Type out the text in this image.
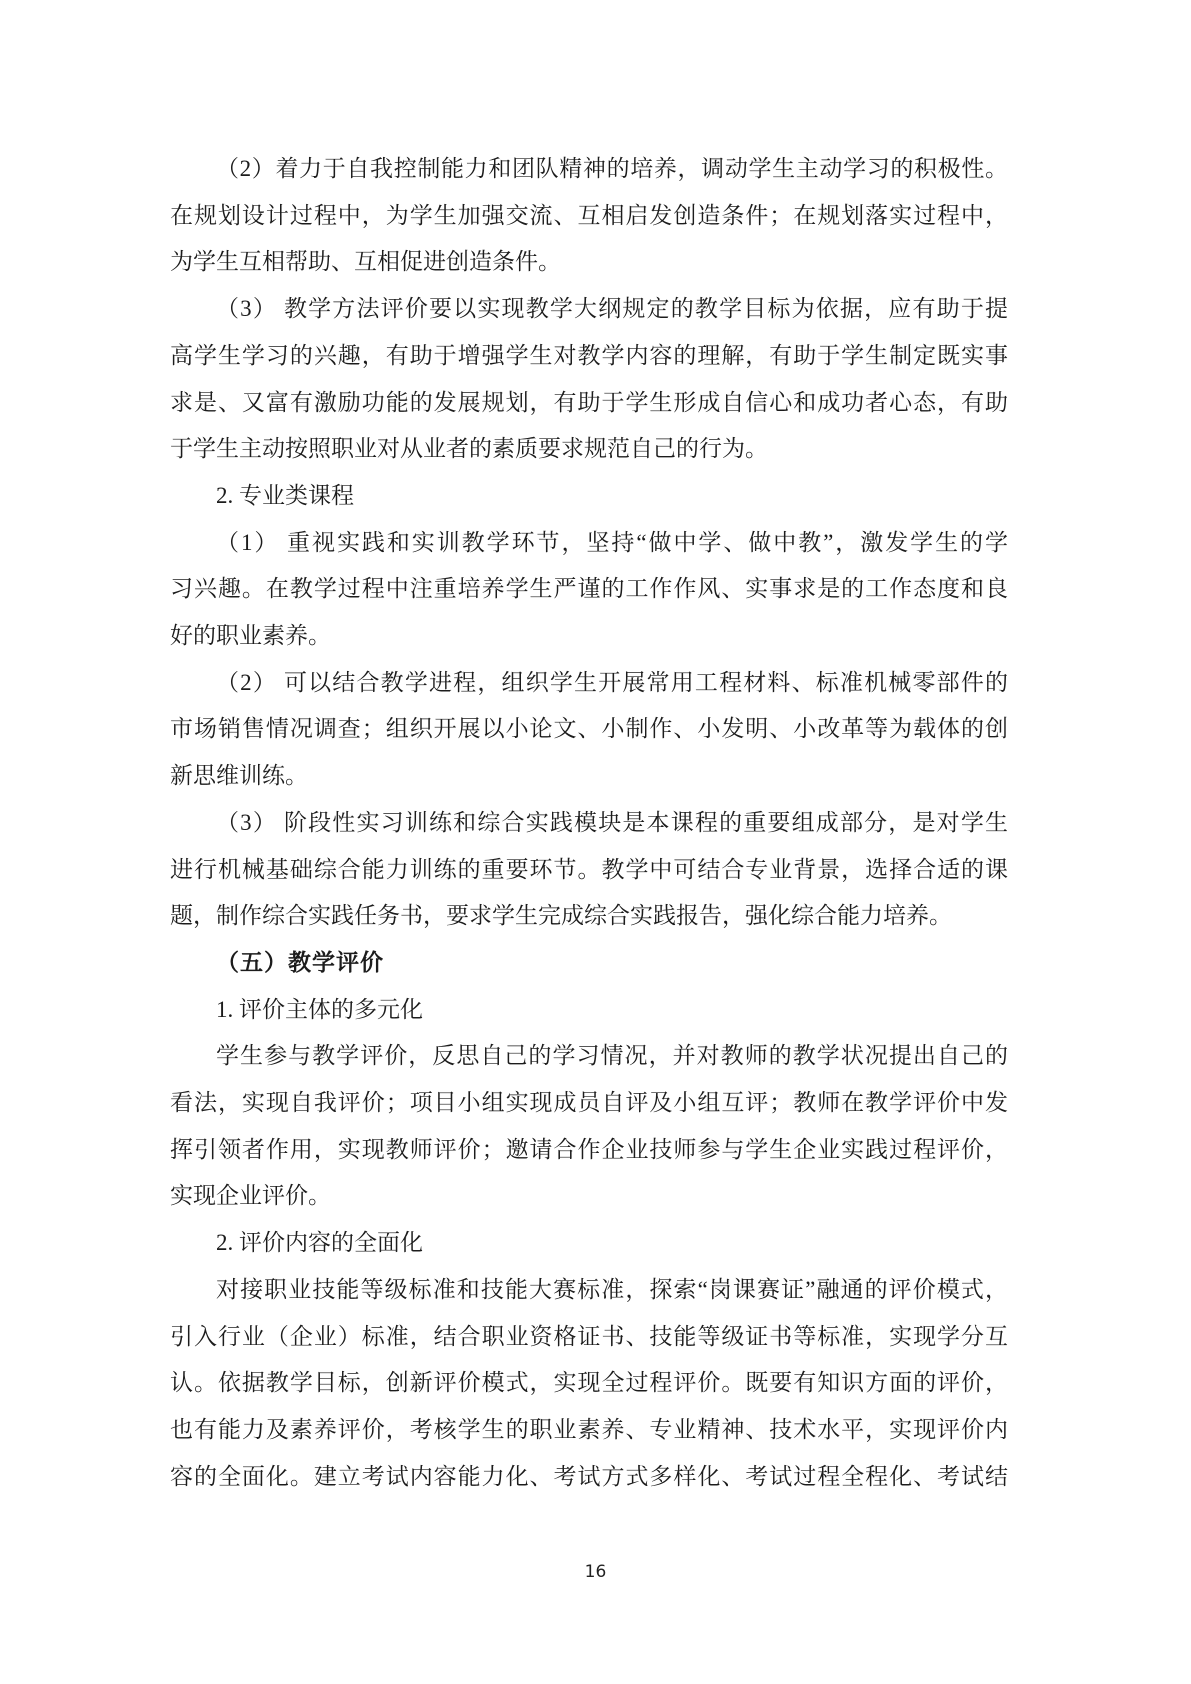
（2）着力于自我控制能力和团队精神的培养，调动学生主动学习的积极性。
在规划设计过程中，为学生加强交流、互相启发创造条件；在规划落实过程中，
为学生互相帮助、互相促进创造条件。
（3） 教学方法评价要以实现教学大纲规定的教学目标为依据，应有助于提
高学生学习的兴趣，有助于增强学生对教学内容的理解，有助于学生制定既实事
求是、又富有激励功能的发展规划，有助于学生形成自信心和成功者心态，有助
于学生主动按照职业对从业者的素质要求规范自己的行为。
2. 专业类课程
（1） 重视实践和实训教学环节，坚持“做中学、做中教”，激发学生的学
习兴趣。在教学过程中注重培养学生严谨的工作作风、实事求是的工作态度和良
好的职业素养。
（2） 可以结合教学进程，组织学生开展常用工程材料、标准机械零部件的
市场销售情况调查；组织开展以小论文、小制作、小发明、小改革等为载体的创
新思维训练。
（3） 阶段性实习训练和综合实践模块是本课程的重要组成部分，是对学生
进行机械基础综合能力训练的重要环节。教学中可结合专业背景，选择合适的课
题，制作综合实践任务书，要求学生完成综合实践报告，强化综合能力培养。
（五）教学评价
1. 评价主体的多元化
学生参与教学评价，反思自己的学习情况，并对教师的教学状况提出自己的
看法，实现自我评价；项目小组实现成员自评及小组互评；教师在教学评价中发
挥引领者作用，实现教师评价；邀请合作企业技师参与学生企业实践过程评价，
实现企业评价。
2. 评价内容的全面化
对接职业技能等级标准和技能大赛标准，探索“岗课赛证”融通的评价模式，
引入行业（企业）标准，结合职业资格证书、技能等级证书等标准，实现学分互
认。依据教学目标，创新评价模式，实现全过程评价。既要有知识方面的评价，
也有能力及素养评价，考核学生的职业素养、专业精神、技术水平，实现评价内
容的全面化。建立考试内容能力化、考试方式多样化、考试过程全程化、考试结
16
